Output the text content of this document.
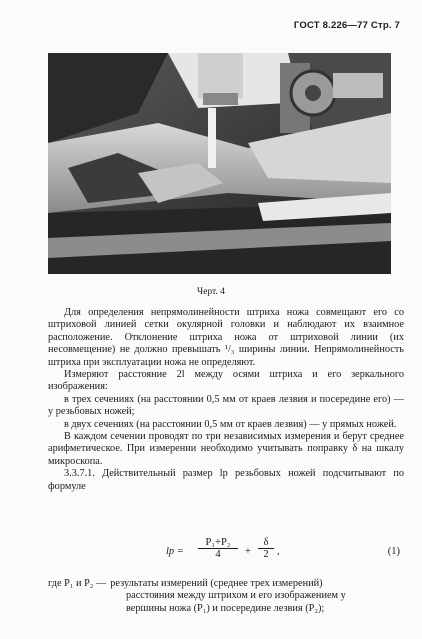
ГОСТ 8.226—77 Стр. 7
Черт. 4

Для определения непрямолинейности штриха ножа совмещают его со штриховой линией сетки окулярной головки и наблюдают их взаимное расположение. Отклонение штриха ножа от штриховой линии (их несовмещение) не должно превышать ¹/₃ ширины линии. Непрямолинейность штриха при эксплуатации ножа не определяют.

Измеряют расстояние 2l между осями штриха и его зеркального изображения:

в трех сечениях (на расстоянии 0,5 мм от краев лезвия и посередине его) — у резьбовых ножей;

в двух сечениях (на расстоянии 0,5 мм от краев лезвия) — у прямых ножей.

В каждом сечении проводят по три независимых измерения и берут среднее арифметическое. При измерении необходимо учитывать поправку δ на шкалу микроскопа.

3.3.7.1. Действительный размер lр резьбовых ножей подсчитывают по формуле

lр = $\frac{\text{P₁+P₂}}{4} + \frac{\delta}{2}$ ,	(1)
где P₁ и P₂ — результаты измерений (среднее трех измерений)
расстояния между штрихом и его изображением у
вершины ножа (P₁) и посередине лезвия (P₂);
